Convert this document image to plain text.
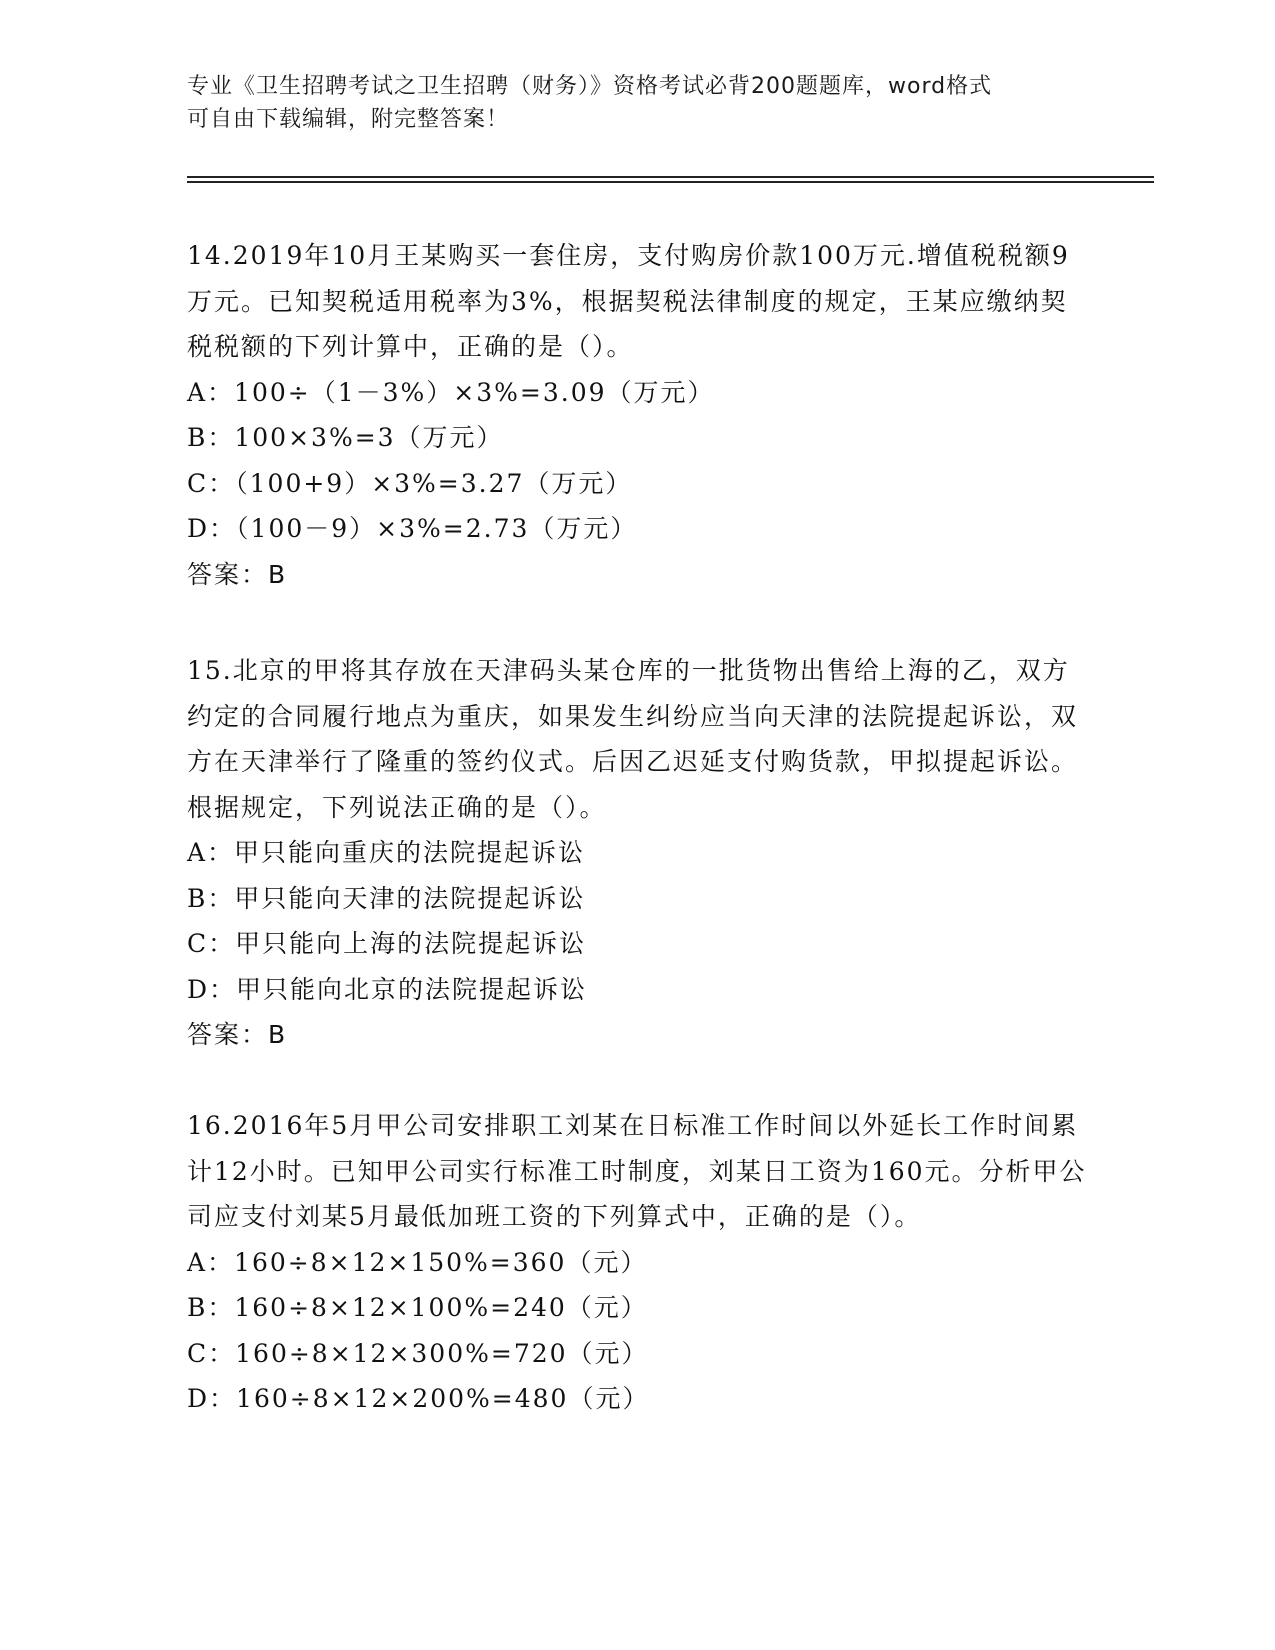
专业《卫生招聘考试之卫生招聘（财务）》资格考试必背200题题库，word格式
可自由下载编辑，附完整答案！

14.2019年10月王某购买一套住房，支付购房价款100万元.增值税税额9万元。已知契税适用税率为3%，根据契税法律制度的规定，王某应缴纳契税税额的下列计算中，正确的是（）。

A：100÷（1－3%）×3%=3.09（万元）

B：100×3%=3（万元）

C：（100+9）×3%=3.27（万元）

D：（100－9）×3%=2.73（万元）

答案：B

15.北京的甲将其存放在天津码头某仓库的一批货物出售给上海的乙，双方约定的合同履行地点为重庆，如果发生纠纷应当向天津的法院提起诉讼，双方在天津举行了隆重的签约仪式。后因乙迟延支付购货款，甲拟提起诉讼。根据规定，下列说法正确的是（）。

A：甲只能向重庆的法院提起诉讼

B：甲只能向天津的法院提起诉讼

C：甲只能向上海的法院提起诉讼

D：甲只能向北京的法院提起诉讼

答案：B

16.2016年5月甲公司安排职工刘某在日标准工作时间以外延长工作时间累计12小时。已知甲公司实行标准工时制度，刘某日工资为160元。分析甲公司应支付刘某5月最低加班工资的下列算式中，正确的是（）。

A：160÷8×12×150%=360（元）

B：160÷8×12×100%=240（元）

C：160÷8×12×300%=720（元）

D：160÷8×12×200%=480（元）
